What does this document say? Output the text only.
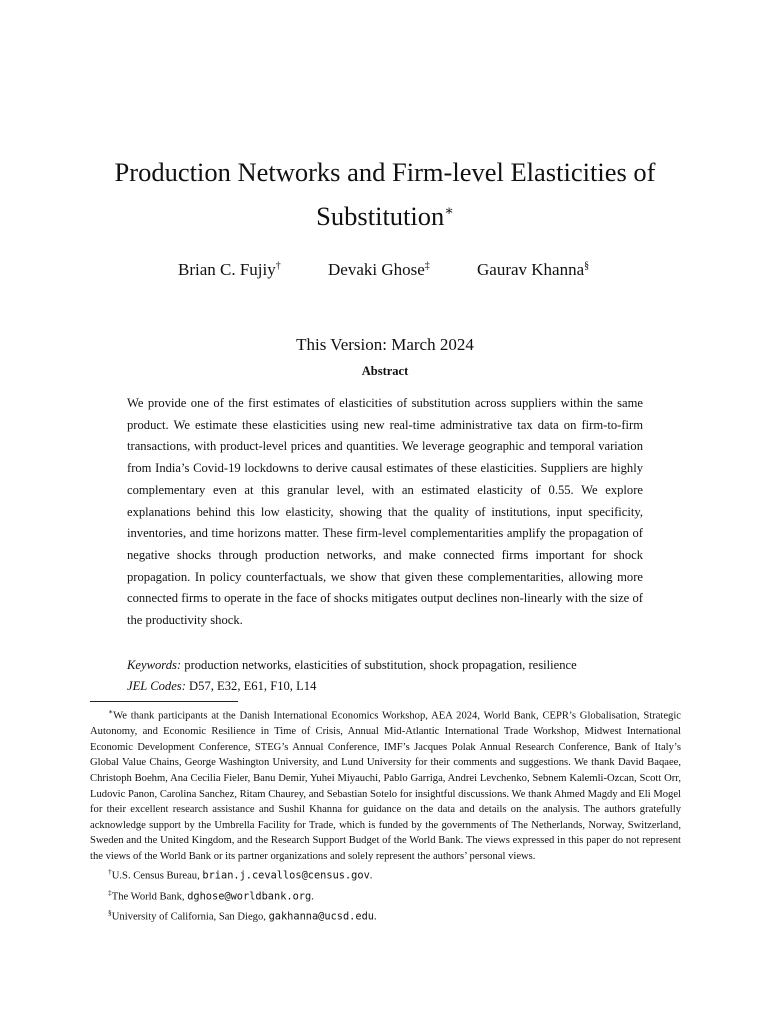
Production Networks and Firm-level Elasticities of Substitution∗
Brian C. Fujiy†	Devaki Ghose‡	Gaurav Khanna§
This Version: March 2024
Abstract

We provide one of the first estimates of elasticities of substitution across suppliers within the same product. We estimate these elasticities using new real-time administrative tax data on firm-to-firm transactions, with product-level prices and quantities. We leverage geographic and temporal variation from India’s Covid-19 lockdowns to derive causal estimates of these elasticities. Suppliers are highly complementary even at this granular level, with an estimated elasticity of 0.55. We explore explanations behind this low elasticity, showing that the quality of institutions, input specificity, inventories, and time horizons matter. These firm-level complementarities amplify the propagation of negative shocks through production networks, and make connected firms important for shock propagation. In policy counterfactuals, we show that given these complementarities, allowing more connected firms to operate in the face of shocks mitigates output declines non-linearly with the size of the productivity shock.

Keywords: production networks, elasticities of substitution, shock propagation, resilience
JEL Codes: D57, E32, E61, F10, L14

∗We thank participants at the Danish International Economics Workshop, AEA 2024, World Bank, CEPR’s Globalisation, Strategic Autonomy, and Economic Resilience in Time of Crisis, Annual Mid-Atlantic International Trade Workshop, Midwest International Economic Development Conference, STEG’s Annual Conference, IMF’s Jacques Polak Annual Research Conference, Bank of Italy’s Global Value Chains, George Washington University, and Lund University for their comments and suggestions. We thank David Baqaee, Christoph Boehm, Ana Cecilia Fieler, Banu Demir, Yuhei Miyauchi, Pablo Garriga, Andrei Levchenko, Sebnem Kalemli-Ozcan, Scott Orr, Ludovic Panon, Carolina Sanchez, Ritam Chaurey, and Sebastian Sotelo for insightful discussions. We thank Ahmed Magdy and Eli Mogel for their excellent research assistance and Sushil Khanna for guidance on the data and details on the analysis. The authors gratefully acknowledge support by the Umbrella Facility for Trade, which is funded by the governments of The Netherlands, Norway, Switzerland, Sweden and the United Kingdom, and the Research Support Budget of the World Bank. The views expressed in this paper do not represent the views of the World Bank or its partner organizations and solely represent the authors’ personal views.

†U.S. Census Bureau, brian.j.cevallos@census.gov.

‡The World Bank, dghose@worldbank.org.

§University of California, San Diego, gakhanna@ucsd.edu.
